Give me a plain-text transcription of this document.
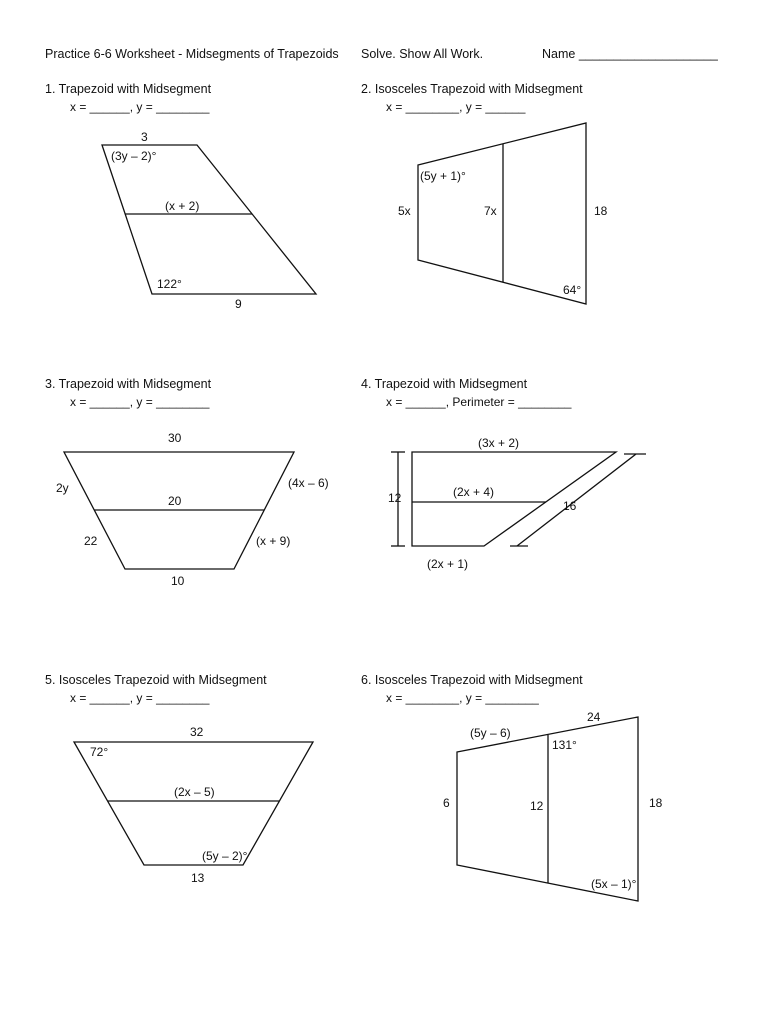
Practice 6-6 Worksheet - Midsegments of Trapezoids Solve. Show All Work.	Name ____________________
1. Trapezoid with Midsegment
x = ______, y = ________
2. Isosceles Trapezoid with Midsegment
x = ________, y = ______
3. Trapezoid with Midsegment
x = ______, y = ________
4. Trapezoid with Midsegment
x = ______, Perimeter = ________
5. Isosceles Trapezoid with Midsegment
x = ______, y = ________
6. Isosceles Trapezoid with Midsegment
x = ________, y = ________
3
(3y – 2)°
(x + 2)
122°
9
(5y + 1)°
5x	7x	18
64°
30
2y	(4x – 6)
20
22	(x + 9)
10
(3x + 2)
12	(2x + 4)
16
(2x + 1)
32
72°
(2x – 5)
(5y – 2)°
13
24
(5y – 6)
131°
6	12	18
(5x – 1)°
